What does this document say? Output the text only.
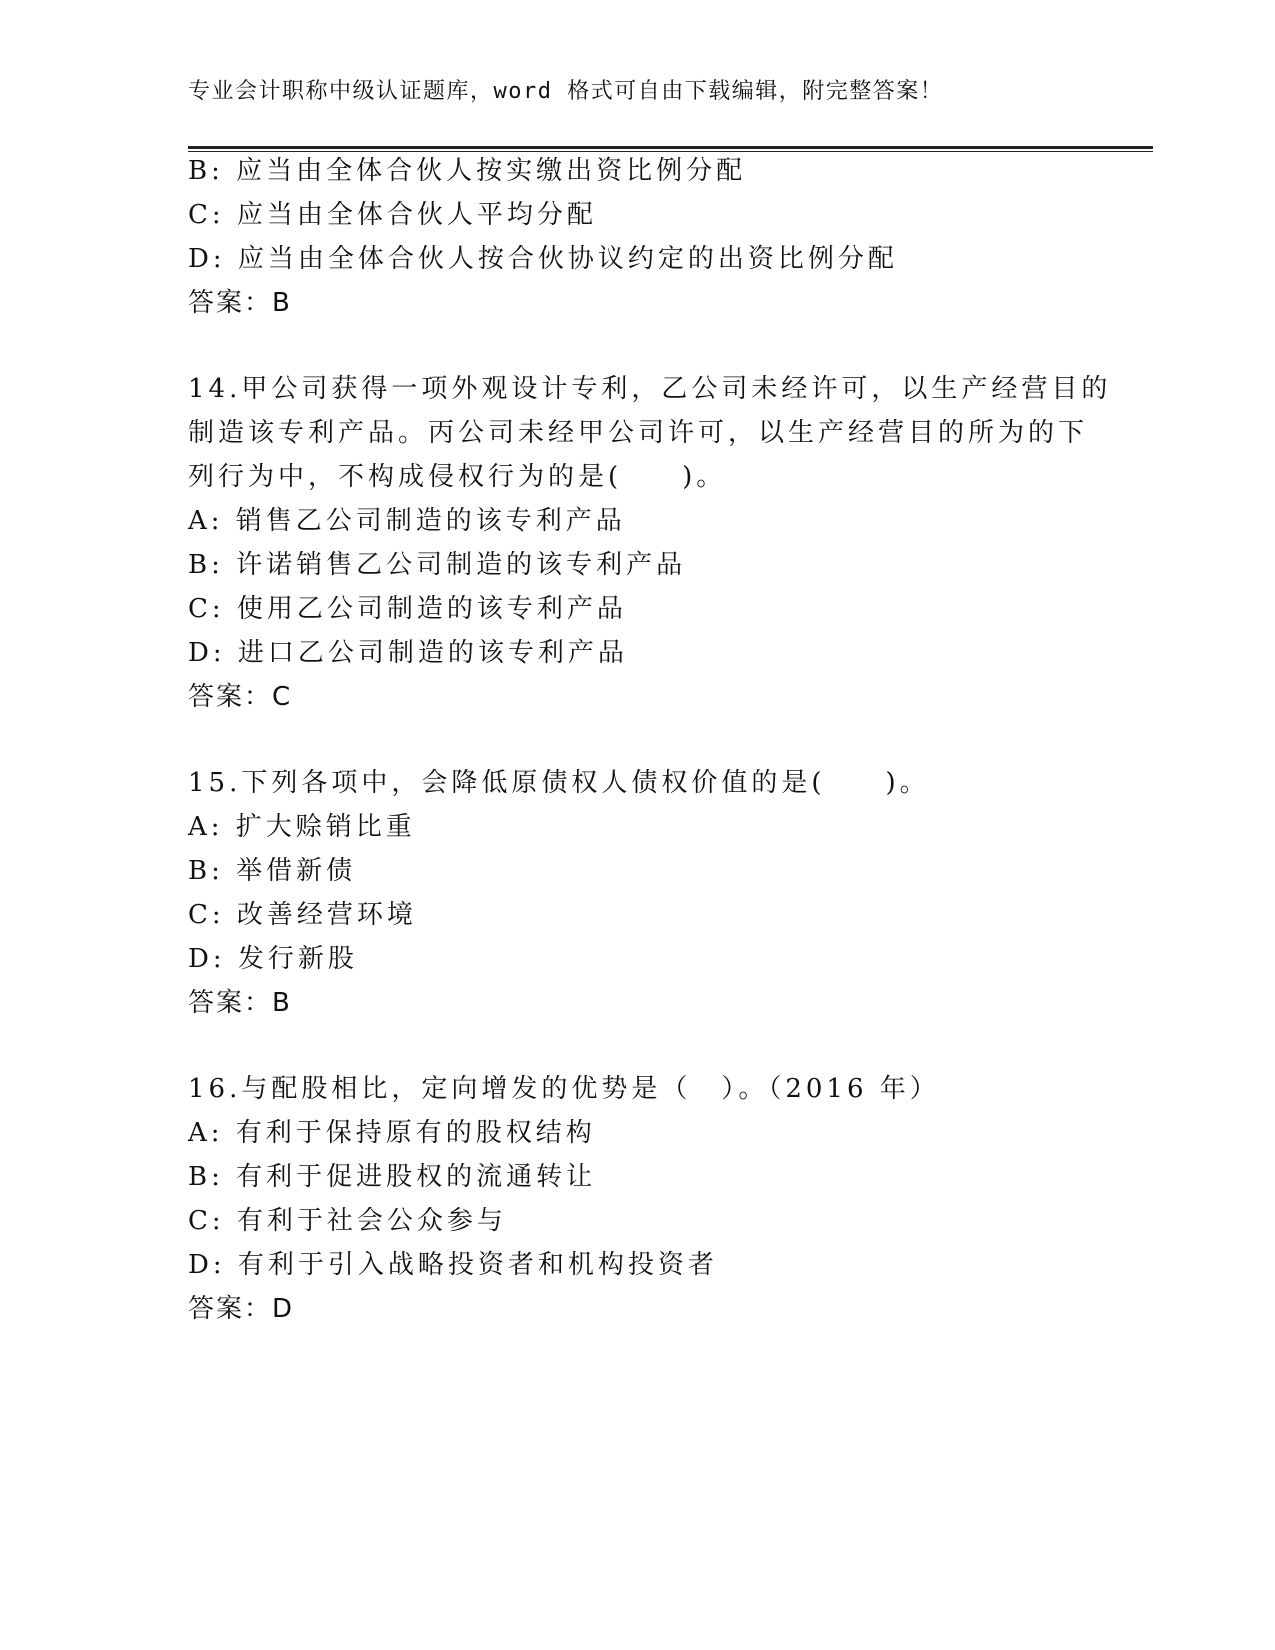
专业会计职称中级认证题库，word 格式可自由下载编辑，附完整答案！
B: 应当由全体合伙人按实缴出资比例分配
C: 应当由全体合伙人平均分配
D: 应当由全体合伙人按合伙协议约定的出资比例分配
答案：B
14.甲公司获得一项外观设计专利，乙公司未经许可，以生产经营目的
制造该专利产品。丙公司未经甲公司许可，以生产经营目的所为的下
列行为中，不构成侵权行为的是(　　)。
A: 销售乙公司制造的该专利产品
B: 许诺销售乙公司制造的该专利产品
C: 使用乙公司制造的该专利产品
D: 进口乙公司制造的该专利产品
答案：C
15.下列各项中，会降低原债权人债权价值的是(　　)。
A: 扩大赊销比重
B: 举借新债
C: 改善经营环境
D: 发行新股
答案：B
16.与配股相比，定向增发的优势是（　）。（2016 年）
A: 有利于保持原有的股权结构
B: 有利于促进股权的流通转让
C: 有利于社会公众参与
D: 有利于引入战略投资者和机构投资者
答案：D
